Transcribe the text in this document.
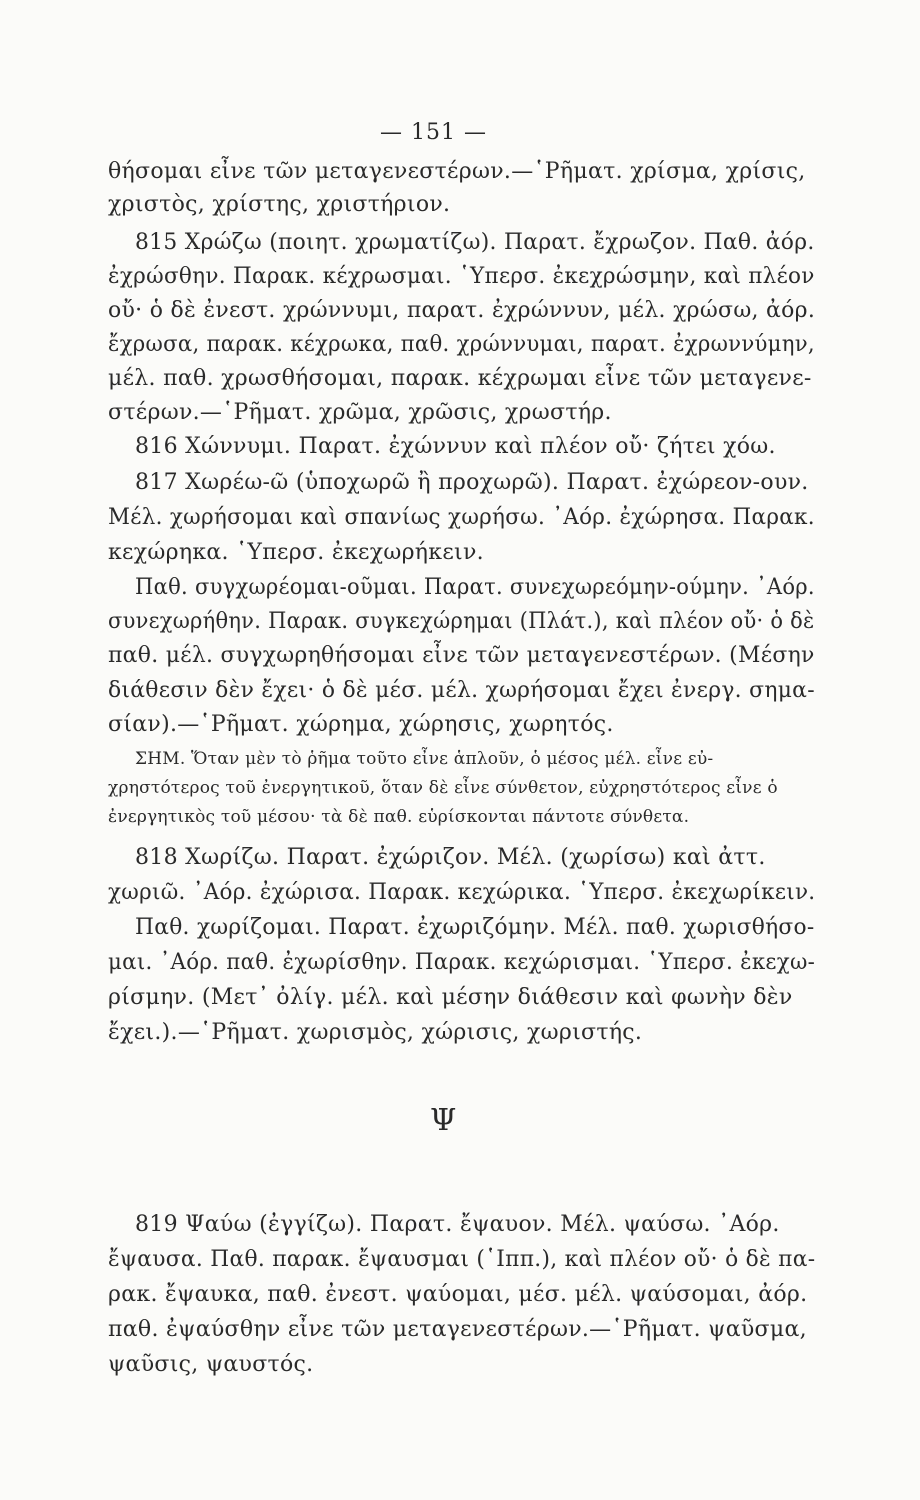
— 151 —
θήσομαι εἶνε τῶν μεταγενεστέρων.—῾Ρῆματ. χρίσμα, χρίσις,
χριστὸς, χρίστης, χριστήριον.
815 Χρώζω (ποιητ. χρωματίζω). Παρατ. ἔχρωζον. Παθ. ἀόρ.
ἐχρώσθην. Παρακ. κέχρωσμαι. ῾Υπερσ. ἐκεχρώσμην, καὶ πλέον
οὔ· ὁ δὲ ἐνεστ. χρώννυμι, παρατ. ἐχρώννυν, μέλ. χρώσω, ἀόρ.
ἔχρωσα, παρακ. κέχρωκα, παθ. χρώννυμαι, παρατ. ἐχρωννύμην,
μέλ. παθ. χρωσθήσομαι, παρακ. κέχρωμαι εἶνε τῶν μεταγενε-
στέρων.—῾Ρῆματ. χρῶμα, χρῶσις, χρωστήρ.
816 Χώννυμι. Παρατ. ἐχώννυν καὶ πλέον οὔ· ζήτει χόω.
817 Χωρέω-ῶ (ὑποχωρῶ ἢ προχωρῶ). Παρατ. ἐχώρεον-ουν.
Μέλ. χωρήσομαι καὶ σπανίως χωρήσω. ᾿Αόρ. ἐχώρησα. Παρακ.
κεχώρηκα. ῾Υπερσ. ἐκεχωρήκειν.
Παθ. συγχωρέομαι-οῦμαι. Παρατ. συνεχωρεόμην-ούμην. ᾿Αόρ.
συνεχωρήθην. Παρακ. συγκεχώρημαι (Πλάτ.), καὶ πλέον οὔ· ὁ δὲ
παθ. μέλ. συγχωρηθήσομαι εἶνε τῶν μεταγενεστέρων. (Μέσην
διάθεσιν δὲν ἔχει· ὁ δὲ μέσ. μέλ. χωρήσομαι ἔχει ἐνεργ. σημα-
σίαν).—῾Ρῆματ. χώρημα, χώρησις, χωρητός.
ΣΗΜ. Ὅταν μὲν τὸ ῥῆμα τοῦτο εἶνε ἁπλοῦν, ὁ μέσος μέλ. εἶνε εὐ-
χρηστότερος τοῦ ἐνεργητικοῦ, ὅταν δὲ εἶνε σύνθετον, εὐχρηστότερος εἶνε ὁ
ἐνεργητικὸς τοῦ μέσου· τὰ δὲ παθ. εὑρίσκονται πάντοτε σύνθετα.
818 Χωρίζω. Παρατ. ἐχώριζον. Μέλ. (χωρίσω) καὶ ἀττ.
χωριῶ. ᾿Αόρ. ἐχώρισα. Παρακ. κεχώρικα. ῾Υπερσ. ἐκεχωρίκειν.
Παθ. χωρίζομαι. Παρατ. ἐχωριζόμην. Μέλ. παθ. χωρισθήσο-
μαι. ᾿Αόρ. παθ. ἐχωρίσθην. Παρακ. κεχώρισμαι. ῾Υπερσ. ἐκεχω-
ρίσμην. (Μετ᾿ ὀλίγ. μέλ. καὶ μέσην διάθεσιν καὶ φωνὴν δὲν
ἔχει.).—῾Ρῆματ. χωρισμὸς, χώρισις, χωριστής.
Ψ
819 Ψαύω (ἐγγίζω). Παρατ. ἔψαυον. Μέλ. ψαύσω. ᾿Αόρ.
ἔψαυσα. Παθ. παρακ. ἔψαυσμαι (῾Ιππ.), καὶ πλέον οὔ· ὁ δὲ πα-
ρακ. ἔψαυκα, παθ. ἐνεστ. ψαύομαι, μέσ. μέλ. ψαύσομαι, ἀόρ.
παθ. ἐψαύσθην εἶνε τῶν μεταγενεστέρων.—῾Ρῆματ. ψαῦσμα,
ψαῦσις, ψαυστός.
